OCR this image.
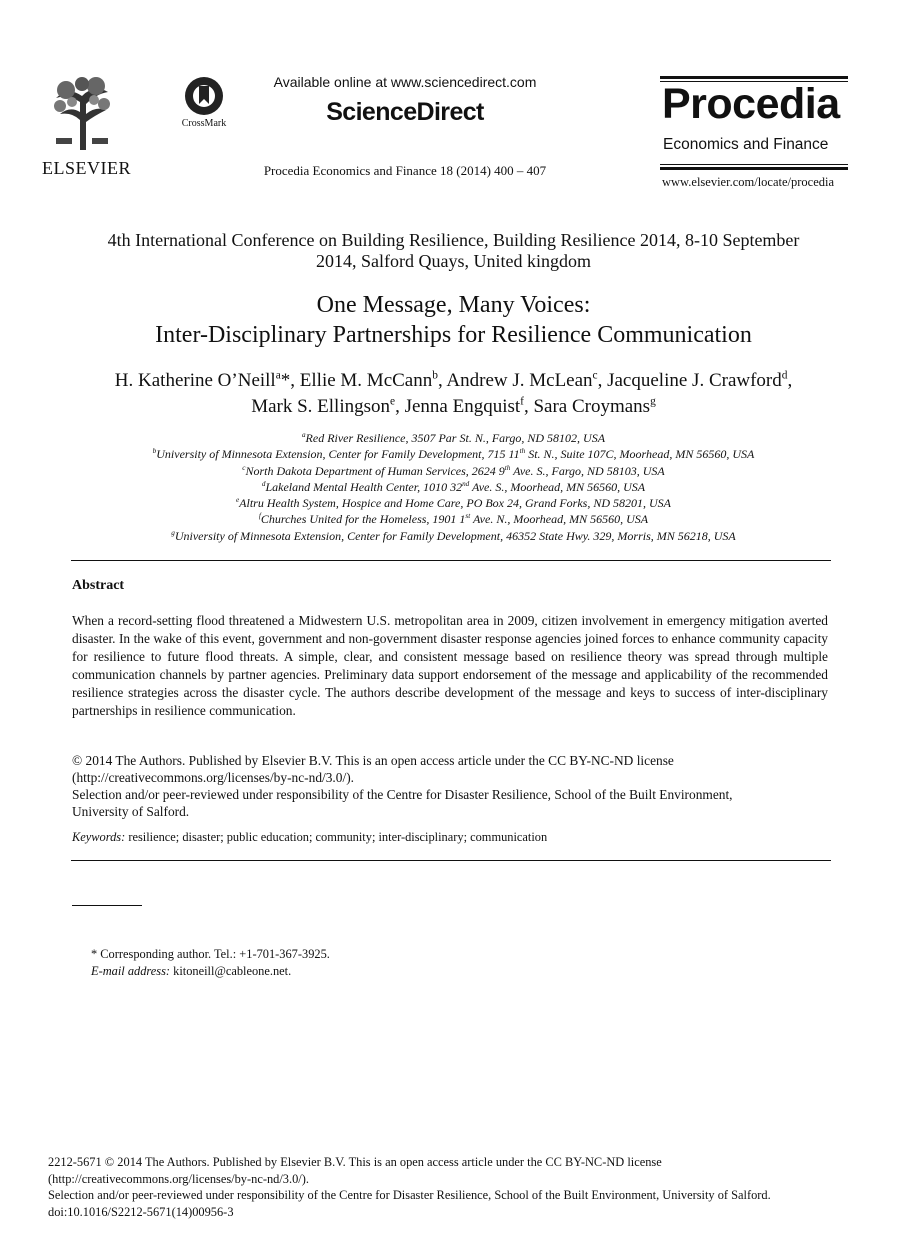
ELSEVIER
CrossMark
Available online at www.sciencedirect.com
ScienceDirect
Procedia Economics and Finance 18 (2014) 400 – 407
Procedia
Economics and Finance
www.elsevier.com/locate/procedia
4th International Conference on Building Resilience, Building Resilience 2014, 8-10 September
2014, Salford Quays, United kingdom
One Message, Many Voices:
Inter-Disciplinary Partnerships for Resilience Communication
H. Katherine O’Neill$^a$*, Ellie M. McCann$^b$, Andrew J. McLean$^c$, Jacqueline J. Crawford$^d$,
Mark S. Ellingson$^e$, Jenna Engquist$^f$, Sara Croymans$^g$
$^a$Red River Resilience, 3507 Par St. N., Fargo, ND 58102, USA
$^b$University of Minnesota Extension, Center for Family Development, 715 11th St. N., Suite 107C, Moorhead, MN 56560, USA
$^c$North Dakota Department of Human Services, 2624 9th Ave. S., Fargo, ND 58103, USA
$^d$Lakeland Mental Health Center, 1010 32nd Ave. S., Moorhead, MN 56560, USA
$^e$Altru Health System, Hospice and Home Care, PO Box 24, Grand Forks, ND 58201, USA
$^f$Churches United for the Homeless, 1901 1st Ave. N., Moorhead, MN 56560, USA
$^g$University of Minnesota Extension, Center for Family Development, 46352 State Hwy. 329, Morris, MN 56218, USA
Abstract
When a record-setting flood threatened a Midwestern U.S. metropolitan area in 2009, citizen involvement in emergency mitigation averted disaster. In the wake of this event, government and non-government disaster response agencies joined forces to enhance community capacity for resilience to future flood threats. A simple, clear, and consistent message based on resilience theory was spread through multiple communication channels by partner agencies. Preliminary data support endorsement of the message and applicability of the recommended resilience strategies across the disaster cycle. The authors describe development of the message and keys to success of inter-disciplinary partnerships in resilience communication.
© 2014 The Authors. Published by Elsevier B.V. This is an open access article under the CC BY-NC-ND license
(http://creativecommons.org/licenses/by-nc-nd/3.0/).
Selection and/or peer-reviewed under responsibility of the Centre for Disaster Resilience, School of the Built Environment,
University of Salford.
Keywords: resilience; disaster; public education; community; inter-disciplinary; communication
* Corresponding author. Tel.: +1-701-367-3925.
E-mail address: kitoneill@cableone.net.
2212-5671 © 2014 The Authors. Published by Elsevier B.V. This is an open access article under the CC BY-NC-ND license
(http://creativecommons.org/licenses/by-nc-nd/3.0/).
Selection and/or peer-reviewed under responsibility of the Centre for Disaster Resilience, School of the Built Environment, University of Salford.
doi:10.1016/S2212-5671(14)00956-3
